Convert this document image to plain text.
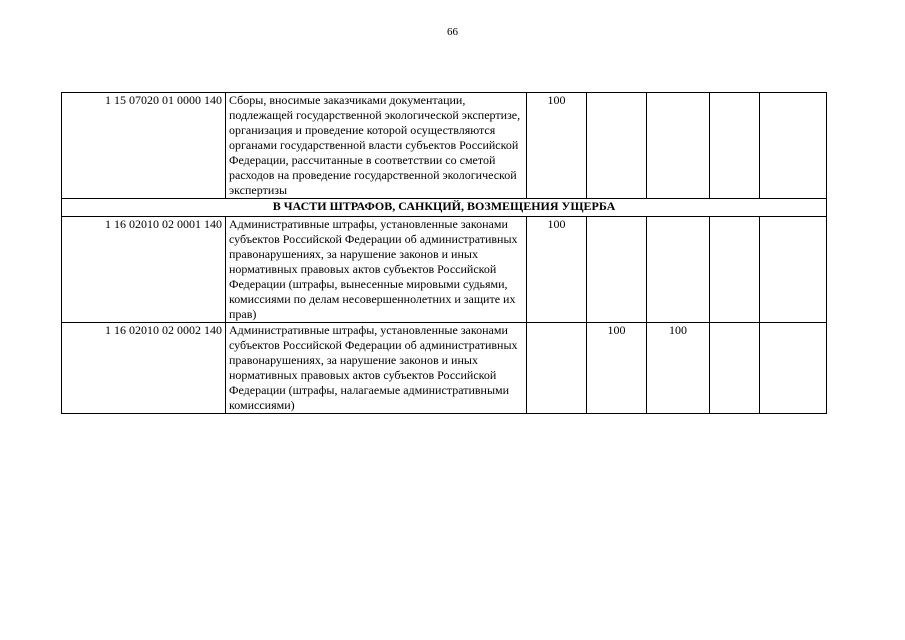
66
1 15 07020 01 0000 140	Сборы, вносимые заказчиками документации, подлежащей государственной экологической экспертизе, организация и проведение которой осуществляются органами государственной власти субъектов Российской Федерации, рассчитанные в соответствии со сметой расходов на проведение государственной экологической экспертизы	100				
В ЧАСТИ ШТРАФОВ, САНКЦИЙ, ВОЗМЕЩЕНИЯ УЩЕРБА						
1 16 02010 02 0001 140	Административные штрафы, установленные законами субъектов Российской Федерации об административных правонарушениях, за нарушение законов и иных нормативных правовых актов субъектов Российской Федерации (штрафы, вынесенные мировыми судьями, комиссиями по делам несовершеннолетних и защите их прав)	100				
1 16 02010 02 0002 140	Административные штрафы, установленные законами субъектов Российской Федерации об административных правонарушениях, за нарушение законов и иных нормативных правовых актов субъектов Российской Федерации (штрафы, налагаемые административными комиссиями)		100	100		
